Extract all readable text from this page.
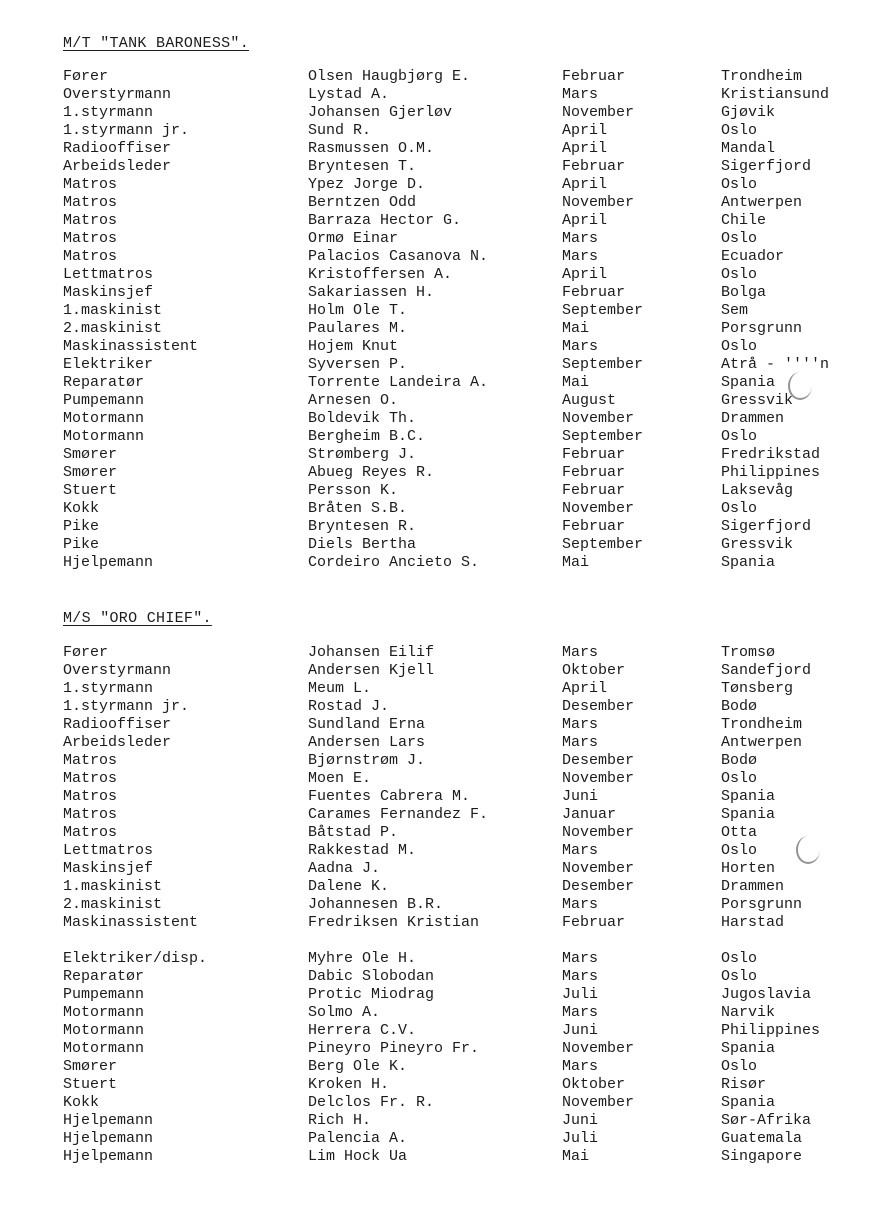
M/T "TANK BARONESS".
Fører	Olsen Haugbjørg E.	Februar	Trondheim
Overstyrmann	Lystad A.	Mars	Kristiansund
1.styrmann	Johansen Gjerløv	November	Gjøvik
1.styrmann jr.	Sund R.	April	Oslo
Radiooffiser	Rasmussen O.M.	April	Mandal
Arbeidsleder	Bryntesen T.	Februar	Sigerfjord
Matros	Ypez Jorge D.	April	Oslo
Matros	Berntzen Odd	November	Antwerpen
Matros	Barraza Hector G.	April	Chile
Matros	Ormø Einar	Mars	Oslo
Matros	Palacios Casanova N.	Mars	Ecuador
Lettmatros	Kristoffersen A.	April	Oslo
Maskinsjef	Sakariassen H.	Februar	Bolga
1.maskinist	Holm Ole T.	September	Sem
2.maskinist	Paulares M.	Mai	Porsgrunn
Maskinassistent	Hojem Knut	Mars	Oslo
Elektriker	Syversen P.	September	Atrå - ''''n
Reparatør	Torrente Landeira A.	Mai	Spania
Pumpemann	Arnesen O.	August	Gressvik
Motormann	Boldevik Th.	November	Drammen
Motormann	Bergheim B.C.	September	Oslo
Smører	Strømberg J.	Februar	Fredrikstad
Smører	Abueg Reyes R.	Februar	Philippines
Stuert	Persson K.	Februar	Laksevåg
Kokk	Bråten S.B.	November	Oslo
Pike	Bryntesen R.	Februar	Sigerfjord
Pike	Diels Bertha	September	Gressvik
Hjelpemann	Cordeiro Ancieto S.	Mai	Spania
M/S "ORO CHIEF".
Fører	Johansen Eilif	Mars	Tromsø
Overstyrmann	Andersen Kjell	Oktober	Sandefjord
1.styrmann	Meum L.	April	Tønsberg
1.styrmann jr.	Rostad J.	Desember	Bodø
Radiooffiser	Sundland Erna	Mars	Trondheim
Arbeidsleder	Andersen Lars	Mars	Antwerpen
Matros	Bjørnstrøm J.	Desember	Bodø
Matros	Moen E.	November	Oslo
Matros	Fuentes Cabrera M.	Juni	Spania
Matros	Carames Fernandez F.	Januar	Spania
Matros	Båtstad P.	November	Otta
Lettmatros	Rakkestad M.	Mars	Oslo
Maskinsjef	Aadna J.	November	Horten
1.maskinist	Dalene K.	Desember	Drammen
2.maskinist	Johannesen B.R.	Mars	Porsgrunn
Maskinassistent	Fredriksen Kristian	Februar	Harstad
Elektriker/disp.	Myhre Ole H.	Mars	Oslo
Reparatør	Dabic Slobodan	Mars	Oslo
Pumpemann	Protic Miodrag	Juli	Jugoslavia
Motormann	Solmo A.	Mars	Narvik
Motormann	Herrera C.V.	Juni	Philippines
Motormann	Pineyro Pineyro Fr.	November	Spania
Smører	Berg Ole K.	Mars	Oslo
Stuert	Kroken H.	Oktober	Risør
Kokk	Delclos Fr. R.	November	Spania
Hjelpemann	Rich H.	Juni	Sør-Afrika
Hjelpemann	Palencia A.	Juli	Guatemala
Hjelpemann	Lim Hock Ua	Mai	Singapore
